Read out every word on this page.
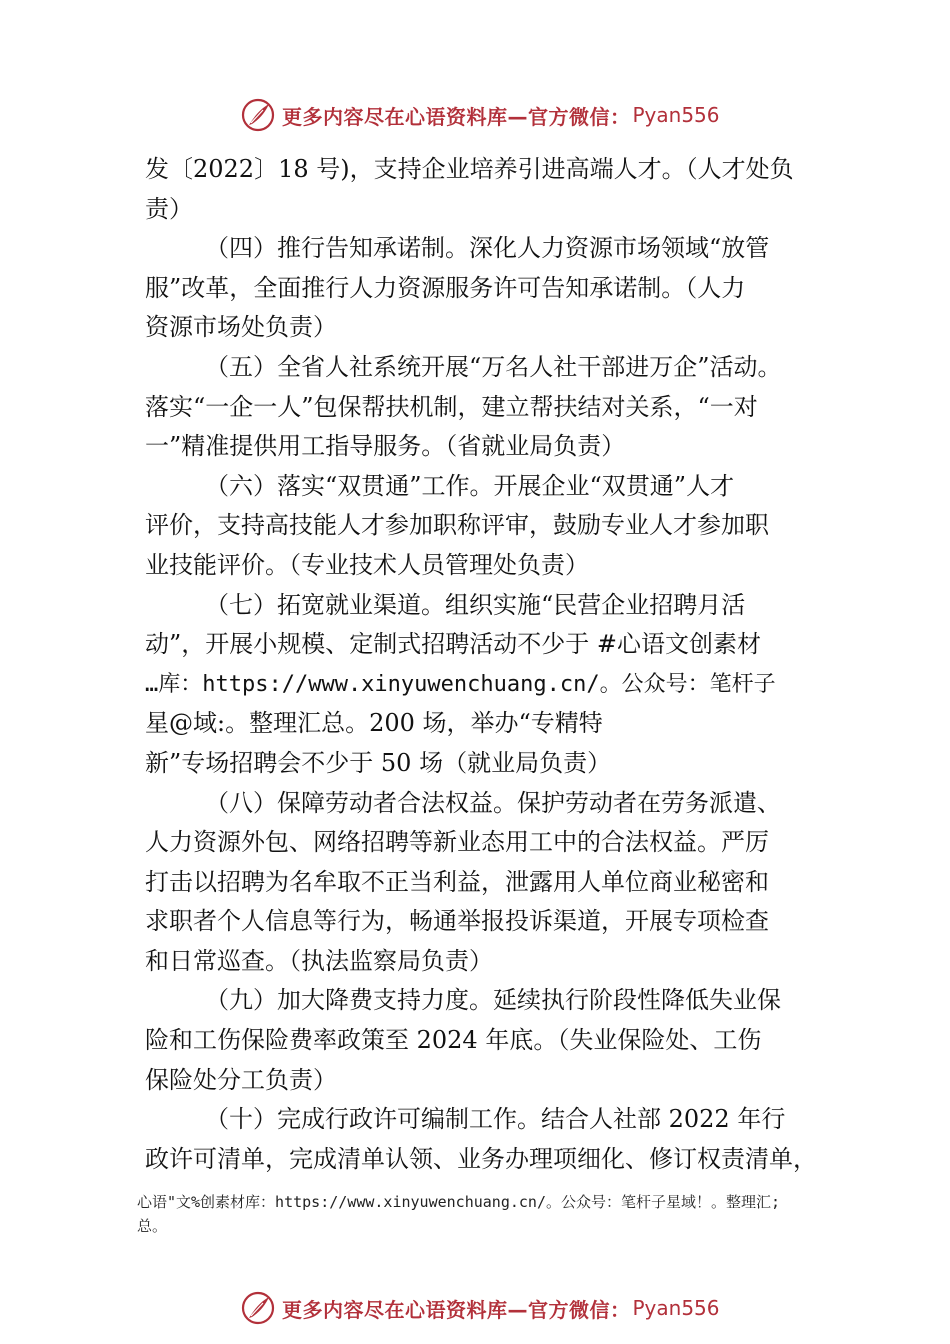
更多内容尽在心语资料库—官方微信： Pyan556
发〔2022〕18 号)，支持企业培养引进高端人才。（人才处负
责）
（四）推行告知承诺制。深化人力资源市场领域“放管
服”改革，全面推行人力资源服务许可告知承诺制。（人力
资源市场处负责）
（五）全省人社系统开展“万名人社干部进万企”活动。
落实“一企一人”包保帮扶机制，建立帮扶结对关系，“一对
一”精准提供用工指导服务。（省就业局负责）
（六）落实“双贯通”工作。开展企业“双贯通”人才
评价，支持高技能人才参加职称评审，鼓励专业人才参加职
业技能评价。（专业技术人员管理处负责）
（七）拓宽就业渠道。组织实施“民营企业招聘月活
动”，开展小规模、定制式招聘活动不少于 #心语文创素材
…库：https://www.xinyuwenchuang.cn/。公众号：笔杆子
星@域:。整理汇总。200 场，举办“专精特
新”专场招聘会不少于 50 场（就业局负责）
（八）保障劳动者合法权益。保护劳动者在劳务派遣、
人力资源外包、网络招聘等新业态用工中的合法权益。严厉
打击以招聘为名牟取不正当利益，泄露用人单位商业秘密和
求职者个人信息等行为，畅通举报投诉渠道，开展专项检查
和日常巡查。（执法监察局负责）
（九）加大降费支持力度。延续执行阶段性降低失业保
险和工伤保险费率政策至 2024 年底。（失业保险处、工伤
保险处分工负责）
（十）完成行政许可编制工作。结合人社部 2022 年行
政许可清单，完成清单认领、业务办理项细化、修订权责清单，
心语"文%创素材库：https://www.xinyuwenchuang.cn/。公众号：笔杆子星域！。整理汇;
总。
更多内容尽在心语资料库—官方微信： Pyan556
